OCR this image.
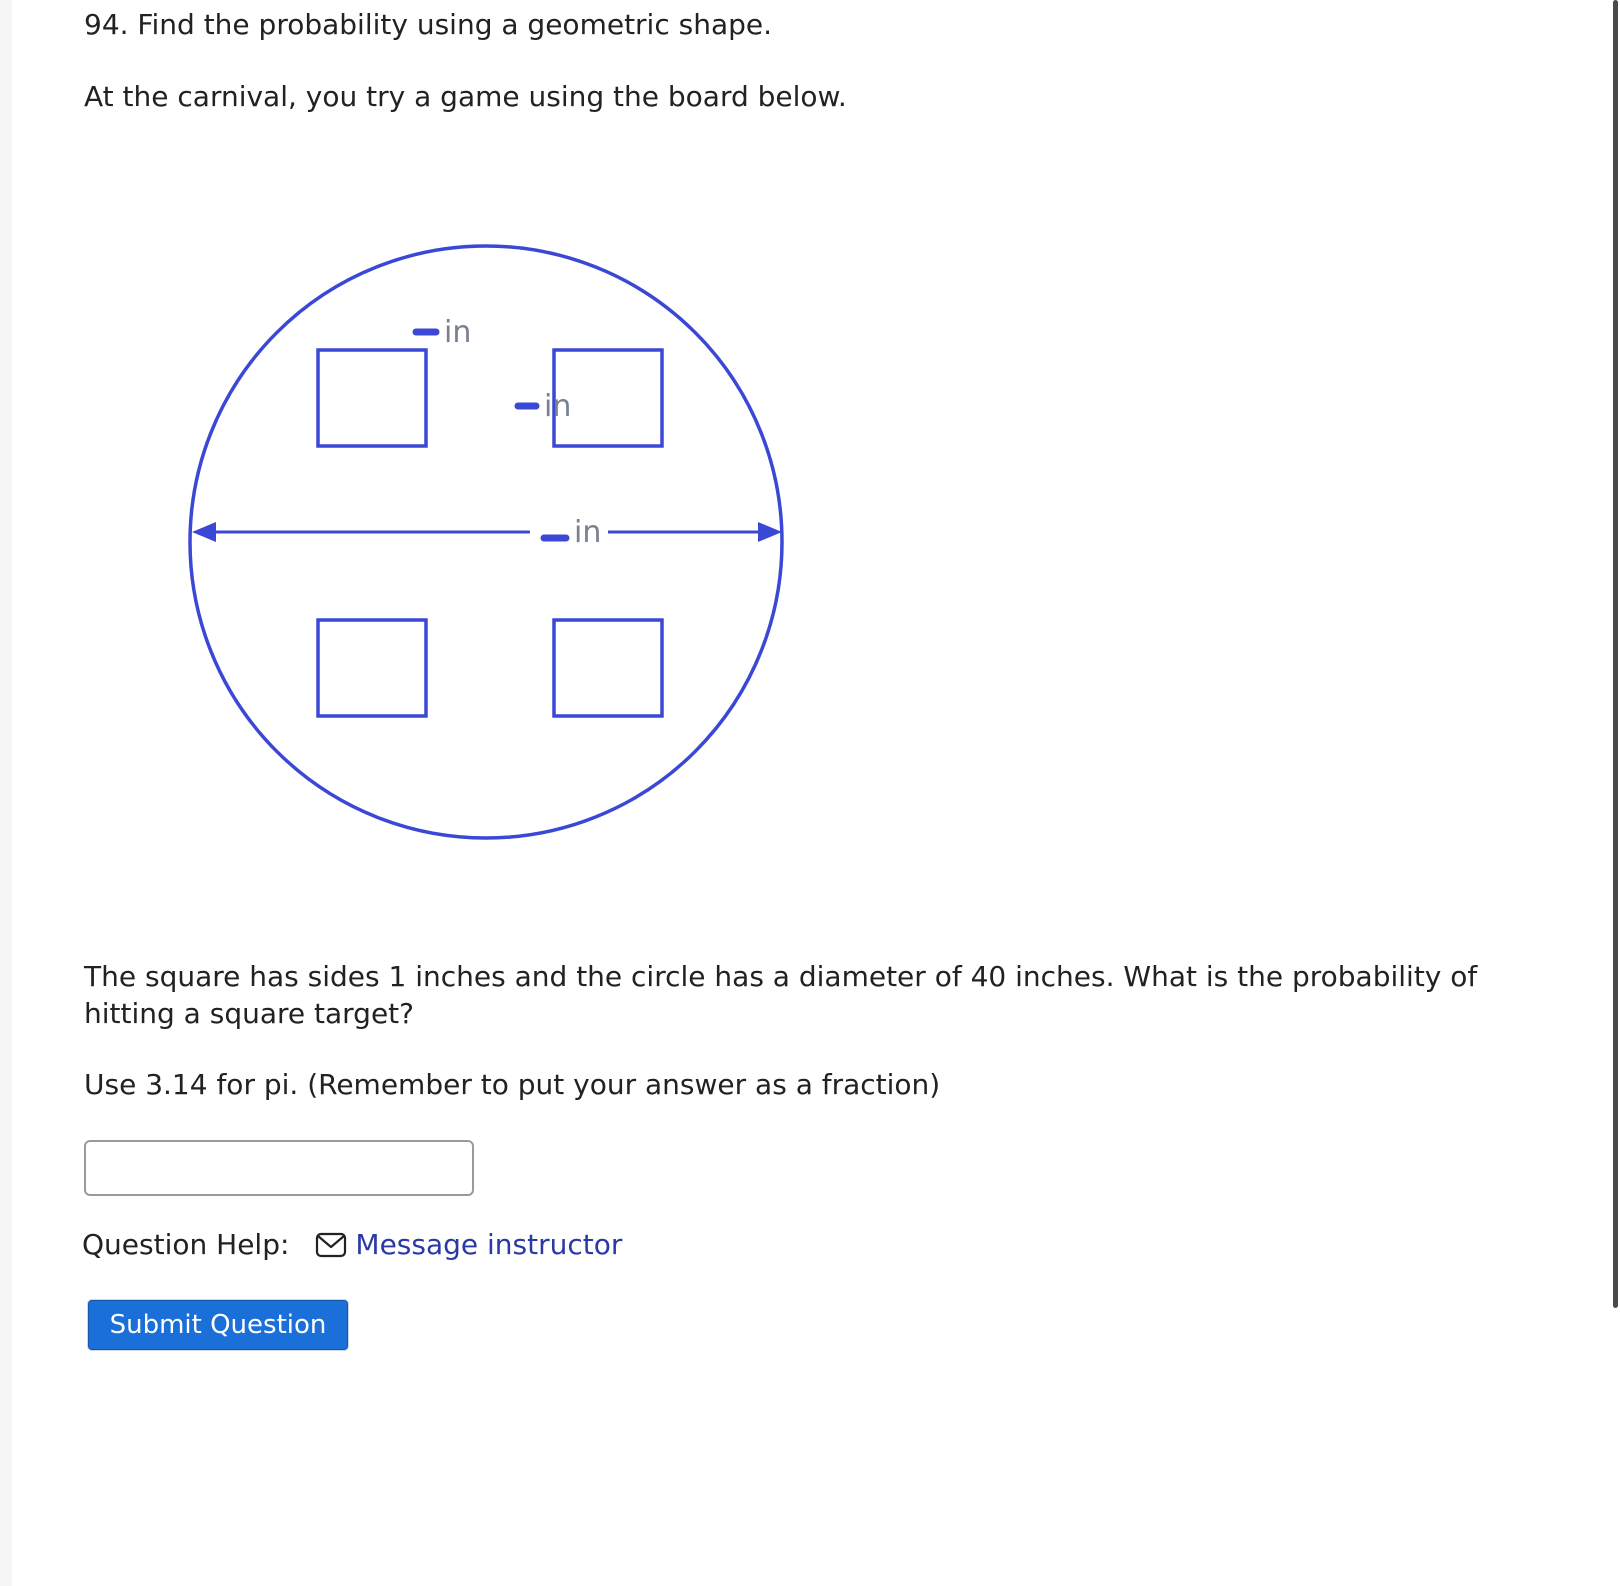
94. Find the probability using a geometric shape.
At the carnival, you try a game using the board below.
in
in
in
The square has sides 1 inches and the circle has a diameter of 40 inches. What is the probability of hitting a square target?
Use 3.14 for pi. (Remember to put your answer as a fraction)
Question Help: Message instructor
Submit Question
